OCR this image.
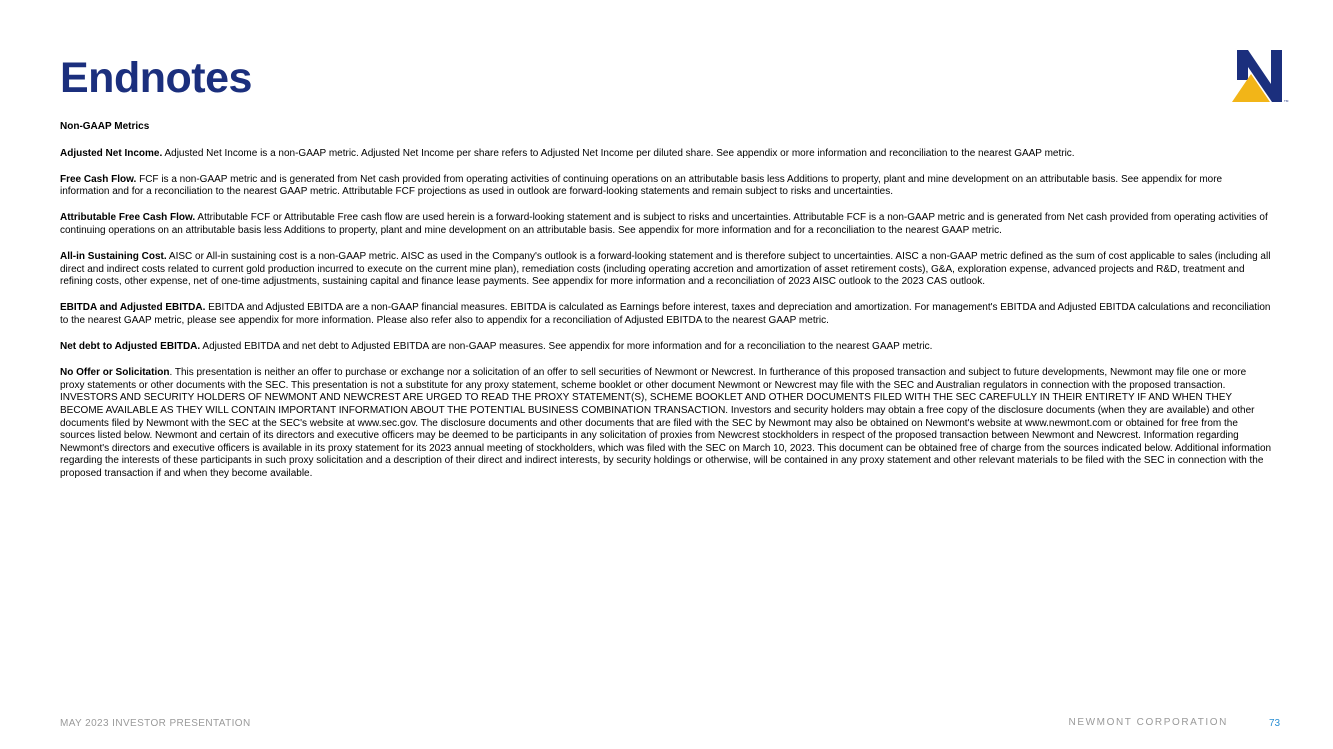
Endnotes	TM

Non-GAAP Metrics

Adjusted Net Income. Adjusted Net Income is a non-GAAP metric. Adjusted Net Income per share refers to Adjusted Net Income per diluted share. See appendix or more information and reconciliation to the nearest GAAP metric.

Free Cash Flow. FCF is a non-GAAP metric and is generated from Net cash provided from operating activities of continuing operations on an attributable basis less Additions to property, plant and mine development on an attributable basis. See appendix for more information and for a reconciliation to the nearest GAAP metric. Attributable FCF projections as used in outlook are forward-looking statements and remain subject to risks and uncertainties.

Attributable Free Cash Flow. Attributable FCF or Attributable Free cash flow are used herein is a forward-looking statement and is subject to risks and uncertainties. Attributable FCF is a non-GAAP metric and is generated from Net cash provided from operating activities of continuing operations on an attributable basis less Additions to property, plant and mine development on an attributable basis. See appendix for more information and for a reconciliation to the nearest GAAP metric.

All-in Sustaining Cost. AISC or All-in sustaining cost is a non-GAAP metric. AISC as used in the Company's outlook is a forward-looking statement and is therefore subject to uncertainties. AISC a non-GAAP metric defined as the sum of cost applicable to sales (including all direct and indirect costs related to current gold production incurred to execute on the current mine plan), remediation costs (including operating accretion and amortization of asset retirement costs), G&A, exploration expense, advanced projects and R&D, treatment and refining costs, other expense, net of one-time adjustments, sustaining capital and finance lease payments. See appendix for more information and a reconciliation of 2023 AISC outlook to the 2023 CAS outlook.

EBITDA and Adjusted EBITDA. EBITDA and Adjusted EBITDA are a non-GAAP financial measures. EBITDA is calculated as Earnings before interest, taxes and depreciation and amortization. For management's EBITDA and Adjusted EBITDA calculations and reconciliation to the nearest GAAP metric, please see appendix for more information. Please also refer also to appendix for a reconciliation of Adjusted EBITDA to the nearest GAAP metric.

Net debt to Adjusted EBITDA. Adjusted EBITDA and net debt to Adjusted EBITDA are non-GAAP measures. See appendix for more information and for a reconciliation to the nearest GAAP metric.

No Offer or Solicitation. This presentation is neither an offer to purchase or exchange nor a solicitation of an offer to sell securities of Newmont or Newcrest. In furtherance of this proposed transaction and subject to future developments, Newmont may file one or more proxy statements or other documents with the SEC. This presentation is not a substitute for any proxy statement, scheme booklet or other document Newmont or Newcrest may file with the SEC and Australian regulators in connection with the proposed transaction. INVESTORS AND SECURITY HOLDERS OF NEWMONT AND NEWCREST ARE URGED TO READ THE PROXY STATEMENT(S), SCHEME BOOKLET AND OTHER DOCUMENTS FILED WITH THE SEC CAREFULLY IN THEIR ENTIRETY IF AND WHEN THEY BECOME AVAILABLE AS THEY WILL CONTAIN IMPORTANT INFORMATION ABOUT THE POTENTIAL BUSINESS COMBINATION TRANSACTION. Investors and security holders may obtain a free copy of the disclosure documents (when they are available) and other documents filed by Newmont with the SEC at the SEC's website at www.sec.gov. The disclosure documents and other documents that are filed with the SEC by Newmont may also be obtained on Newmont's website at www.newmont.com or obtained for free from the sources listed below. Newmont and certain of its directors and executive officers may be deemed to be participants in any solicitation of proxies from Newcrest stockholders in respect of the proposed transaction between Newmont and Newcrest. Information regarding Newmont's directors and executive officers is available in its proxy statement for its 2023 annual meeting of stockholders, which was filed with the SEC on March 10, 2023. This document can be obtained free of charge from the sources indicated below. Additional information regarding the interests of these participants in such proxy solicitation and a description of their direct and indirect interests, by security holdings or otherwise, will be contained in any proxy statement and other relevant materials to be filed with the SEC in connection with the proposed transaction if and when they become available.

MAY 2023 INVESTOR PRESENTATION	NEWMONT CORPORATION	73
